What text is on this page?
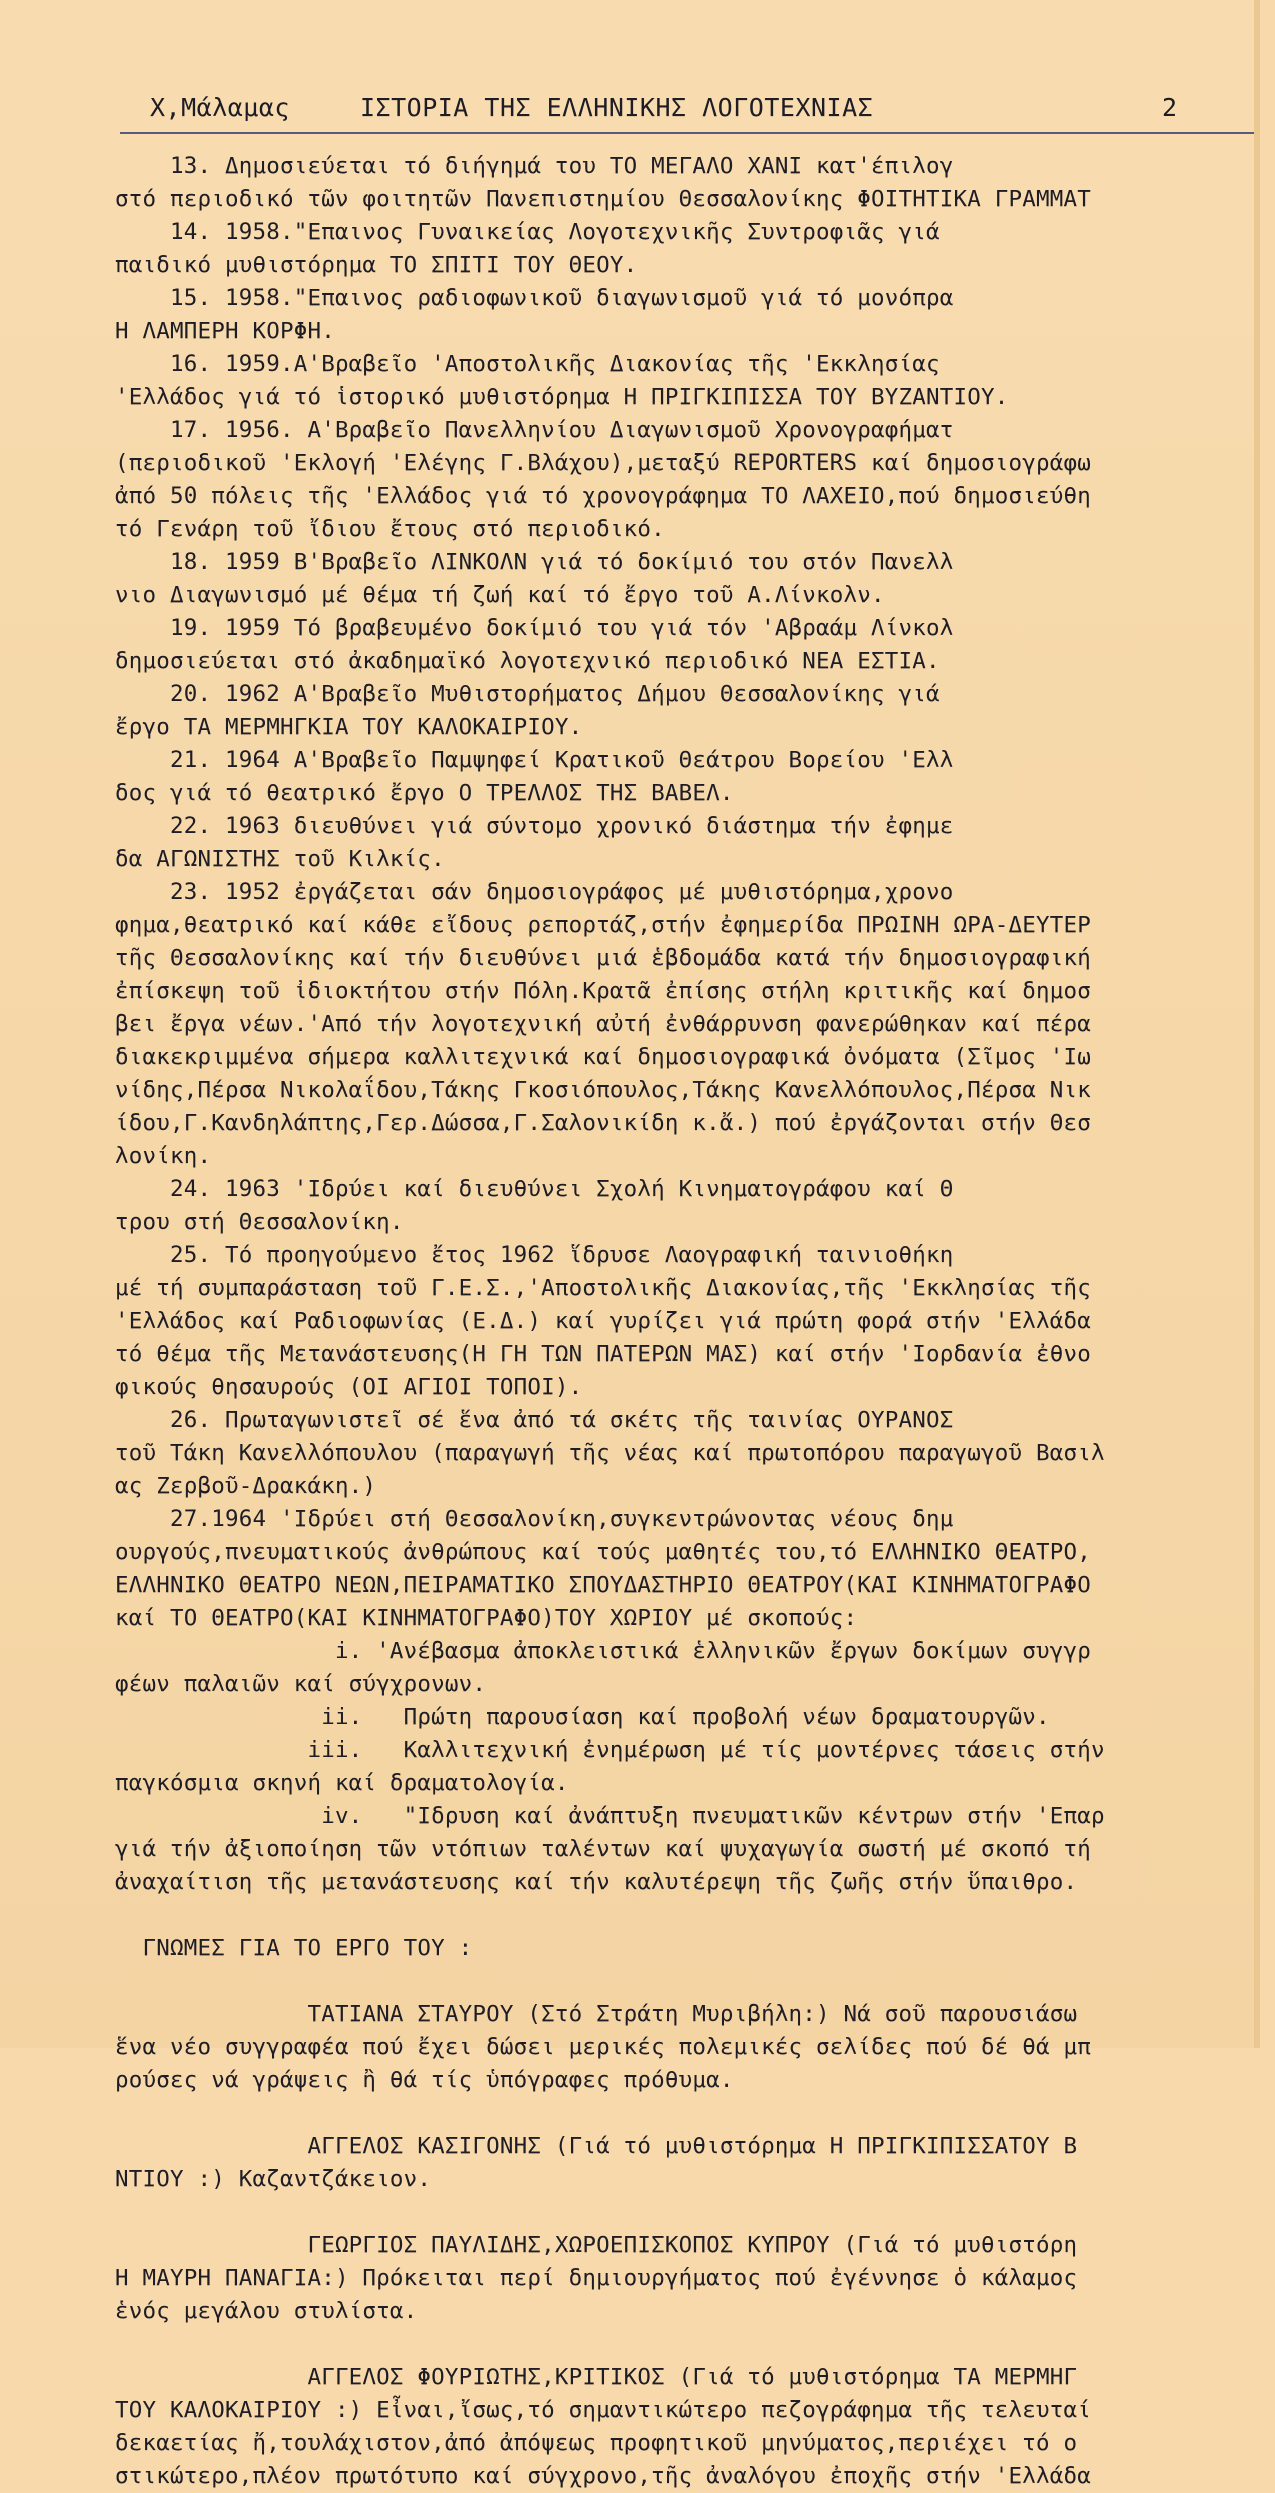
Χ,Μάλαμας	ΙΣΤΟΡΙΑ ΤΗΣ ΕΛΛΗΝΙΚΗΣ ΛΟΓΟΤΕΧΝΙΑΣ	2
13. Δημοσιεύεται τό διήγημά του ΤΟ ΜΕΓΑΛΟ ΧΑΝΙ κατ'έπιλογ
στό περιοδικό τῶν φοιτητῶν Πανεπιστημίου Θεσσαλονίκης ΦΟΙΤΗΤΙΚΑ ΓΡΑΜΜΑΤ
14. 1958."Επαινος Γυναικείας Λογοτεχνικῆς Συντροφιᾶς γιά
παιδικό μυθιστόρημα ΤΟ ΣΠΙΤΙ ΤΟΥ ΘΕΟΥ.
15. 1958."Επαινος ραδιοφωνικοῦ διαγωνισμοῦ γιά τό μονόπρα
Η ΛΑΜΠΕΡΗ ΚΟΡΦΗ.
16. 1959.Α'Βραβεῖο 'Αποστολικῆς Διακονίας τῆς 'Εκκλησίας
'Ελλάδος γιά τό ἱστορικό μυθιστόρημα Η ΠΡΙΓΚΙΠΙΣΣΑ ΤΟΥ ΒΥΖΑΝΤΙΟΥ.
17. 1956. Α'Βραβεῖο Πανελληνίου Διαγωνισμοῦ Χρονογραφήματ
(περιοδικοῦ 'Εκλογή 'Ελέγης Γ.Βλάχου),μεταξύ REPORTERS καί δημοσιογράφω
ἀπό 50 πόλεις τῆς 'Ελλάδος γιά τό χρονογράφημα ΤΟ ΛΑΧΕΙΟ,πού δημοσιεύθη
τό Γενάρη τοῦ ἴδιου ἔτους στό περιοδικό.
18. 1959 Β'Βραβεῖο ΛΙΝΚΟΛΝ γιά τό δοκίμιό του στόν Πανελλ
νιο Διαγωνισμό μέ θέμα τή ζωή καί τό ἔργο τοῦ Α.Λίνκολν.
19. 1959 Τό βραβευμένο δοκίμιό του γιά τόν 'Αβραάμ Λίνκολ
δημοσιεύεται στό ἀκαδημαϊκό λογοτεχνικό περιοδικό ΝΕΑ ΕΣΤΙΑ.
20. 1962 Α'Βραβεῖο Μυθιστορήματος Δήμου Θεσσαλονίκης γιά
ἔργο ΤΑ ΜΕΡΜΗΓΚΙΑ ΤΟΥ ΚΑΛΟΚΑΙΡΙΟΥ.
21. 1964 Α'Βραβεῖο Παμψηφεί Κρατικοῦ Θεάτρου Βορείου 'Ελλ
δος γιά τό θεατρικό ἔργο Ο ΤΡΕΛΛΟΣ ΤΗΣ ΒΑΒΕΛ.
22. 1963 διευθύνει γιά σύντομο χρονικό διάστημα τήν ἐφημε
δα ΑΓΩΝΙΣΤΗΣ τοῦ Κιλκίς.
23. 1952 ἐργάζεται σάν δημοσιογράφος μέ μυθιστόρημα,χρονο
φημα,θεατρικό καί κάθε εἴδους ρεπορτάζ,στήν ἐφημερίδα ΠΡΩΙΝΗ ΩΡΑ-ΔΕΥΤΕΡ
τῆς Θεσσαλονίκης καί τήν διευθύνει μιά ἑβδομάδα κατά τήν δημοσιογραφική
ἐπίσκεψη τοῦ ἰδιοκτήτου στήν Πόλη.Κρατᾶ ἐπίσης στήλη κριτικῆς καί δημοσ
βει ἔργα νέων.'Από τήν λογοτεχνική αὐτή ἐνθάρρυνση φανερώθηκαν καί πέρα
διακεκριμμένα σήμερα καλλιτεχνικά καί δημοσιογραφικά ὀνόματα (Σῖμος 'Ιω
νίδης,Πέρσα Νικολαΐδου,Τάκης Γκοσιόπουλος,Τάκης Κανελλόπουλος,Πέρσα Νικ
ίδου,Γ.Κανδηλάπτης,Γερ.Δώσσα,Γ.Σαλονικίδη κ.ἄ.) πού ἐργάζονται στήν Θεσ
λονίκη.
24. 1963 'Ιδρύει καί διευθύνει Σχολή Κινηματογράφου καί Θ
τρου στή Θεσσαλονίκη.
25. Τό προηγούμενο ἔτος 1962 ἵδρυσε Λαογραφική ταινιοθήκη
μέ τή συμπαράσταση τοῦ Γ.Ε.Σ.,'Αποστολικῆς Διακονίας,τῆς 'Εκκλησίας τῆς
'Ελλάδος καί Ραδιοφωνίας (Ε.Δ.) καί γυρίζει γιά πρώτη φορά στήν 'Ελλάδα
τό θέμα τῆς Μετανάστευσης(Η ΓΗ ΤΩΝ ΠΑΤΕΡΩΝ ΜΑΣ) καί στήν 'Ιορδανία ἐθνο
φικούς θησαυρούς (ΟΙ ΑΓΙΟΙ ΤΟΠΟΙ).
26. Πρωταγωνιστεῖ σέ ἕνα ἀπό τά σκέτς τῆς ταινίας ΟΥΡΑΝΟΣ
τοῦ Τάκη Κανελλόπουλου (παραγωγή τῆς νέας καί πρωτοπόρου παραγωγοῦ Βασιλ
ας Ζερβοῦ-Δρακάκη.)
27.1964 'Ιδρύει στή Θεσσαλονίκη,συγκεντρώνοντας νέους δημ
ουργούς,πνευματικούς ἀνθρώπους καί τούς μαθητές του,τό ΕΛΛΗΝΙΚΟ ΘΕΑΤΡΟ,
ΕΛΛΗΝΙΚΟ ΘΕΑΤΡΟ ΝΕΩΝ,ΠΕΙΡΑΜΑΤΙΚΟ ΣΠΟΥΔΑΣΤΗΡΙΟ ΘΕΑΤΡΟΥ(ΚΑΙ ΚΙΝΗΜΑΤΟΓΡΑΦΟ
καί ΤΟ ΘΕΑΤΡΟ(ΚΑΙ ΚΙΝΗΜΑΤΟΓΡΑΦΟ)ΤΟΥ ΧΩΡΙΟΥ μέ σκοπούς:
i. 'Ανέβασμα ἀποκλειστικά ἑλληνικῶν ἔργων δοκίμων συγγρ
φέων παλαιῶν καί σύγχρονων.
ii.   Πρώτη παρουσίαση καί προβολή νέων δραματουργῶν.
iii.   Καλλιτεχνική ἐνημέρωση μέ τίς μοντέρνες τάσεις στήν
παγκόσμια σκηνή καί δραματολογία.
iv.   "Ιδρυση καί ἀνάπτυξη πνευματικῶν κέντρων στήν 'Επαρ
γιά τήν ἀξιοποίηση τῶν ντόπιων ταλέντων καί ψυχαγωγία σωστή μέ σκοπό τή
ἀναχαίτιση τῆς μετανάστευσης καί τήν καλυτέρεψη τῆς ζωῆς στήν ὕπαιθρο.
ΓΝΩΜΕΣ ΓΙΑ ΤΟ ΕΡΓΟ ΤΟΥ :
ΤΑΤΙΑΝΑ ΣΤΑΥΡΟΥ (Στό Στράτη Μυριβήλη:) Νά σοῦ παρουσιάσω
ἕνα νέο συγγραφέα πού ἔχει δώσει μερικές πολεμικές σελίδες πού δέ θά μπ
ρούσες νά γράψεις ἢ θά τίς ὑπόγραφες πρόθυμα.
ΑΓΓΕΛΟΣ ΚΑΣΙΓΟΝΗΣ (Γιά τό μυθιστόρημα Η ΠΡΙΓΚΙΠΙΣΣΑΤΟΥ Β
ΝΤΙΟΥ :) Καζαντζάκειον.
ΓΕΩΡΓΙΟΣ ΠΑΥΛΙΔΗΣ,ΧΩΡΟΕΠΙΣΚΟΠΟΣ ΚΥΠΡΟΥ (Γιά τό μυθιστόρη
Η ΜΑΥΡΗ ΠΑΝΑΓΙΑ:) Πρόκειται περί δημιουργήματος πού ἐγέννησε ὁ κάλαμος
ἑνός μεγάλου στυλίστα.
ΑΓΓΕΛΟΣ ΦΟΥΡΙΩΤΗΣ,ΚΡΙΤΙΚΟΣ (Γιά τό μυθιστόρημα ΤΑ ΜΕΡΜΗΓ
ΤΟΥ ΚΑΛΟΚΑΙΡΙΟΥ :) Εἶναι,ἴσως,τό σημαντικώτερο πεζογράφημα τῆς τελευταί
δεκαετίας ἤ,τουλάχιστον,ἀπό ἀπόψεως προφητικοῦ μηνύματος,περιέχει τό ο
στικώτερο,πλέον πρωτότυπο καί σύγχρονο,τῆς ἀναλόγου ἐποχῆς στήν 'Ελλάδα
